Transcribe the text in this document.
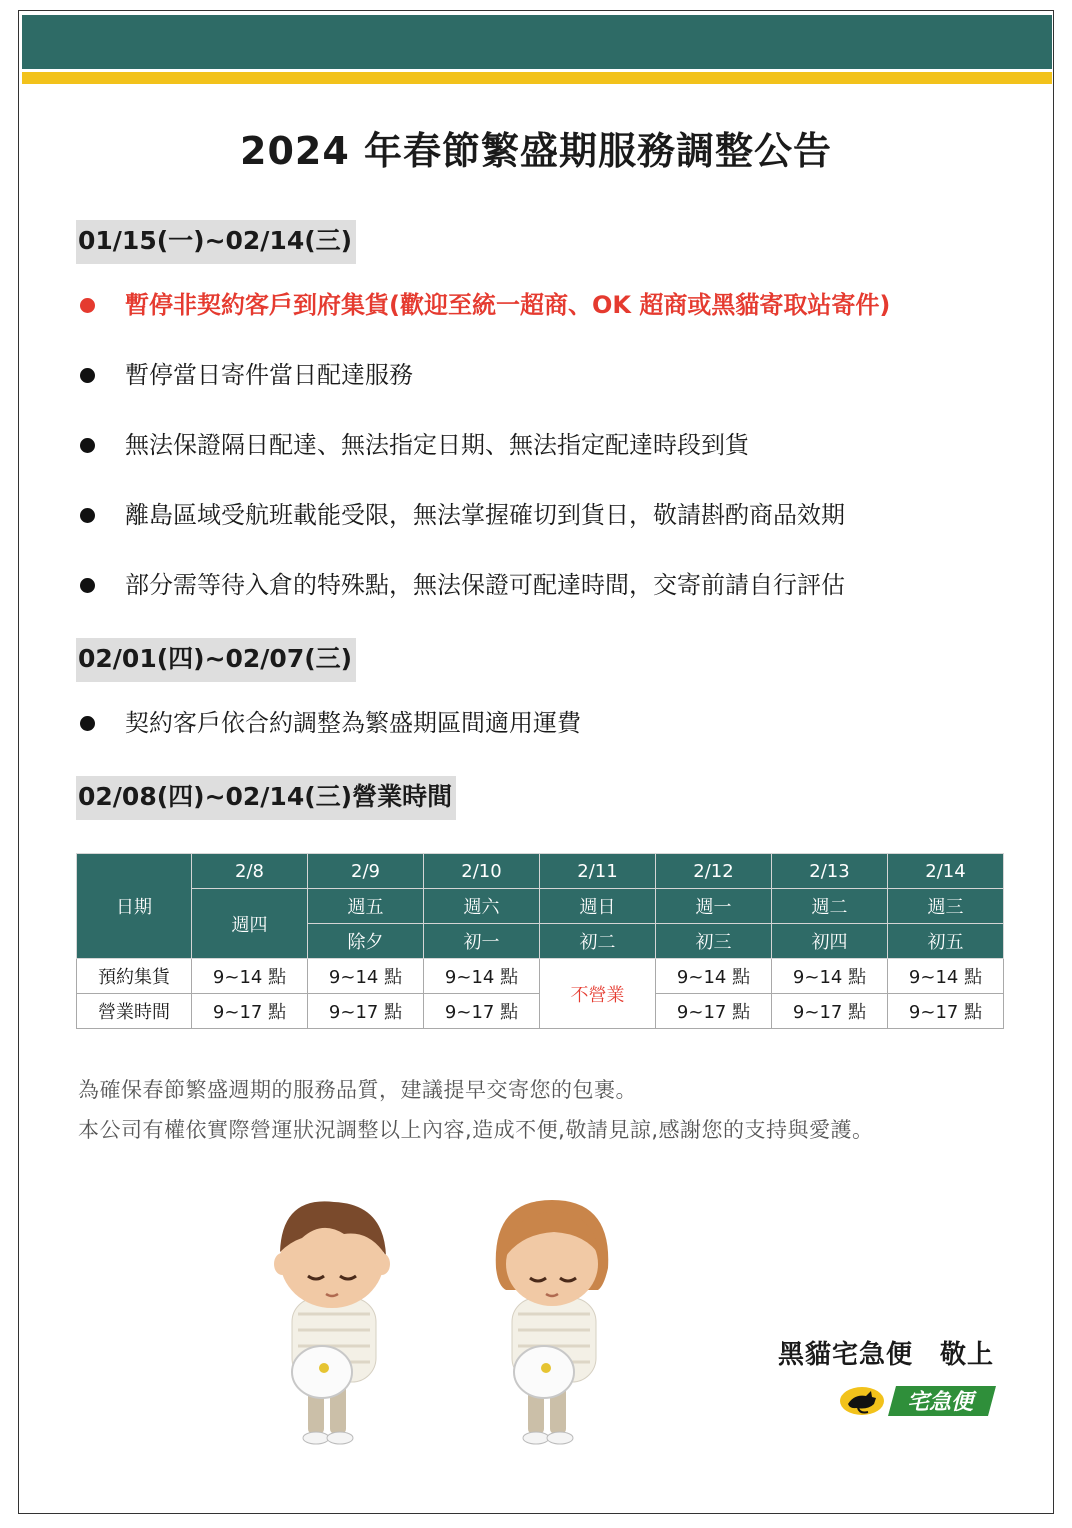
2024 年春節繁盛期服務調整公告
01/15(一)~02/14(三)
暫停非契約客戶到府集貨(歡迎至統一超商、OK 超商或黑貓寄取站寄件)
暫停當日寄件當日配達服務
無法保證隔日配達、無法指定日期、無法指定配達時段到貨
離島區域受航班載能受限，無法掌握確切到貨日，敬請斟酌商品效期
部分需等待入倉的特殊點，無法保證可配達時間，交寄前請自行評估
02/01(四)~02/07(三)
契約客戶依合約調整為繁盛期區間適用運費
02/08(四)~02/14(三)營業時間
日期	2/8	2/9	2/10	2/11	2/12	2/13	2/14
	週四	週五	週六	週日	週一	週二	週三
		除夕	初一	初二	初三	初四	初五
預約集貨	9~14 點	9~14 點	9~14 點	不營業	9~14 點	9~14 點	9~14 點
營業時間	9~17 點	9~17 點	9~17 點		9~17 點	9~17 點	9~17 點
為確保春節繁盛週期的服務品質，建議提早交寄您的包裹。
本公司有權依實際營運狀況調整以上內容,造成不便,敬請見諒,感謝您的支持與愛護。
黑貓宅急便　敬上
宅急便
